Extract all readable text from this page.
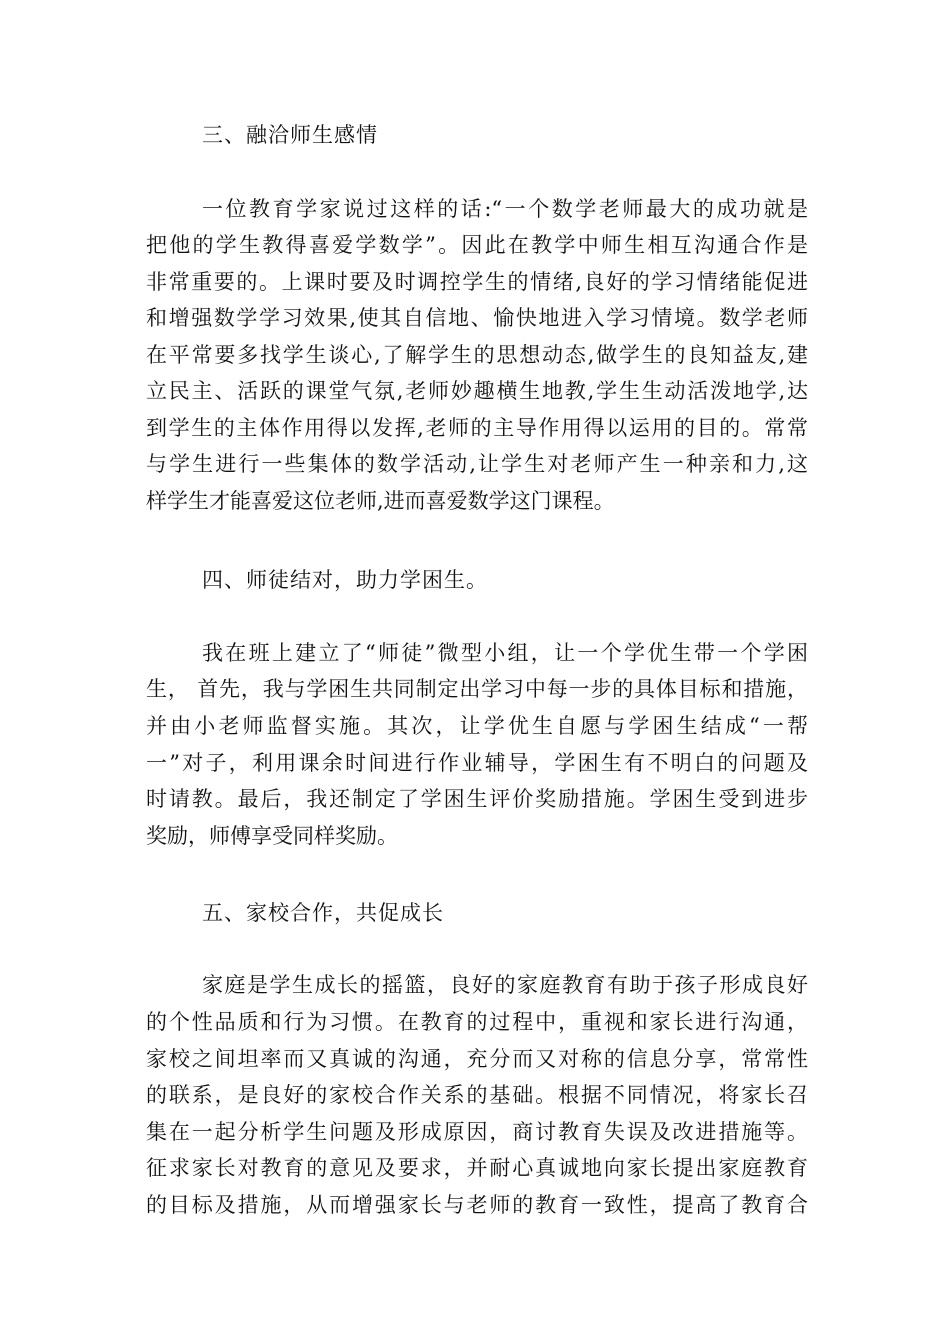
三、融洽师生感情
一位教育学家说过这样的话:“一个数学老师最大的成功就是
把他的学生教得喜爱学数学”。因此在教学中师生相互沟通合作是
非常重要的。上课时要及时调控学生的情绪,良好的学习情绪能促进
和增强数学学习效果,使其自信地、愉快地进入学习情境。数学老师
在平常要多找学生谈心,了解学生的思想动态,做学生的良知益友,建
立民主、活跃的课堂气氛,老师妙趣横生地教,学生生动活泼地学,达
到学生的主体作用得以发挥,老师的主导作用得以运用的目的。常常
与学生进行一些集体的数学活动,让学生对老师产生一种亲和力,这
样学生才能喜爱这位老师,进而喜爱数学这门课程。
四、师徒结对，助力学困生。
我在班上建立了“师徒”微型小组，让一个学优生带一个学困
生， 首先，我与学困生共同制定出学习中每一步的具体目标和措施，
并由小老师监督实施。其次，让学优生自愿与学困生结成“一帮
一”对子，利用课余时间进行作业辅导，学困生有不明白的问题及
时请教。最后，我还制定了学困生评价奖励措施。学困生受到进步
奖励，师傅享受同样奖励。
五、家校合作，共促成长
家庭是学生成长的摇篮，良好的家庭教育有助于孩子形成良好
的个性品质和行为习惯。在教育的过程中，重视和家长进行沟通，
家校之间坦率而又真诚的沟通，充分而又对称的信息分享，常常性
的联系，是良好的家校合作关系的基础。根据不同情况，将家长召
集在一起分析学生问题及形成原因，商讨教育失误及改进措施等。
征求家长对教育的意见及要求，并耐心真诚地向家长提出家庭教育
的目标及措施，从而增强家长与老师的教育一致性，提高了教育合
